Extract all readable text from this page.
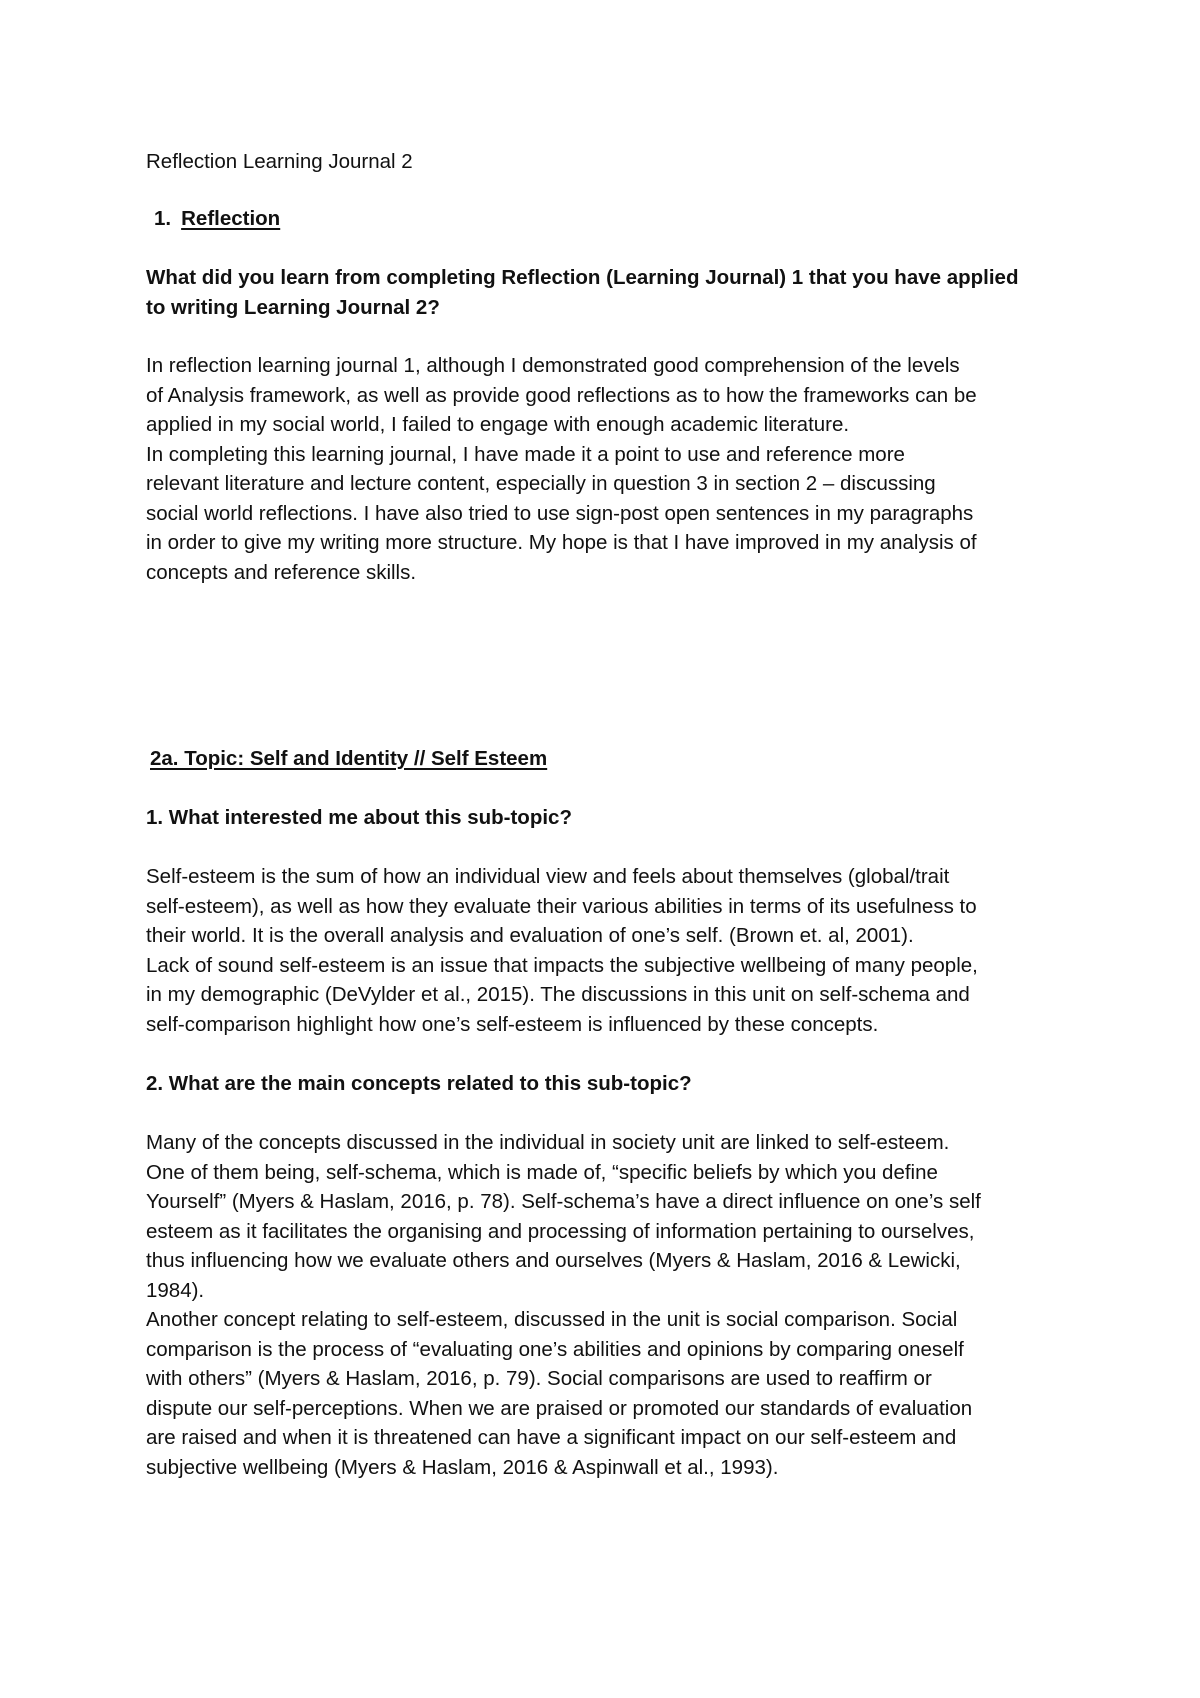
Reflection Learning Journal 2
1. Reflection
What did you learn from completing Reflection (Learning Journal) 1 that you have applied
to writing Learning Journal 2?
In reflection learning journal 1, although I demonstrated good comprehension of the levels
of Analysis framework, as well as provide good reflections as to how the frameworks can be
applied in my social world, I failed to engage with enough academic literature.
In completing this learning journal, I have made it a point to use and reference more
relevant literature and lecture content, especially in question 3 in section 2 – discussing
social world reflections. I have also tried to use sign-post open sentences in my paragraphs
in order to give my writing more structure. My hope is that I have improved in my analysis of
concepts and reference skills.
2a. Topic: Self and Identity // Self Esteem
1. What interested me about this sub-topic?
Self-esteem is the sum of how an individual view and feels about themselves (global/trait
self-esteem), as well as how they evaluate their various abilities in terms of its usefulness to
their world. It is the overall analysis and evaluation of one’s self. (Brown et. al, 2001).
Lack of sound self-esteem is an issue that impacts the subjective wellbeing of many people,
in my demographic (DeVylder et al., 2015). The discussions in this unit on self-schema and
self-comparison highlight how one’s self-esteem is influenced by these concepts.
2. What are the main concepts related to this sub-topic?
Many of the concepts discussed in the individual in society unit are linked to self-esteem.
One of them being, self-schema, which is made of, “specific beliefs by which you define
Yourself” (Myers & Haslam, 2016, p. 78). Self-schema’s have a direct influence on one’s self
esteem as it facilitates the organising and processing of information pertaining to ourselves,
thus influencing how we evaluate others and ourselves (Myers & Haslam, 2016 & Lewicki,
1984).
Another concept relating to self-esteem, discussed in the unit is social comparison. Social
comparison is the process of “evaluating one’s abilities and opinions by comparing oneself
with others” (Myers & Haslam, 2016, p. 79). Social comparisons are used to reaffirm or
dispute our self-perceptions. When we are praised or promoted our standards of evaluation
are raised and when it is threatened can have a significant impact on our self-esteem and
subjective wellbeing (Myers & Haslam, 2016 & Aspinwall et al., 1993).
